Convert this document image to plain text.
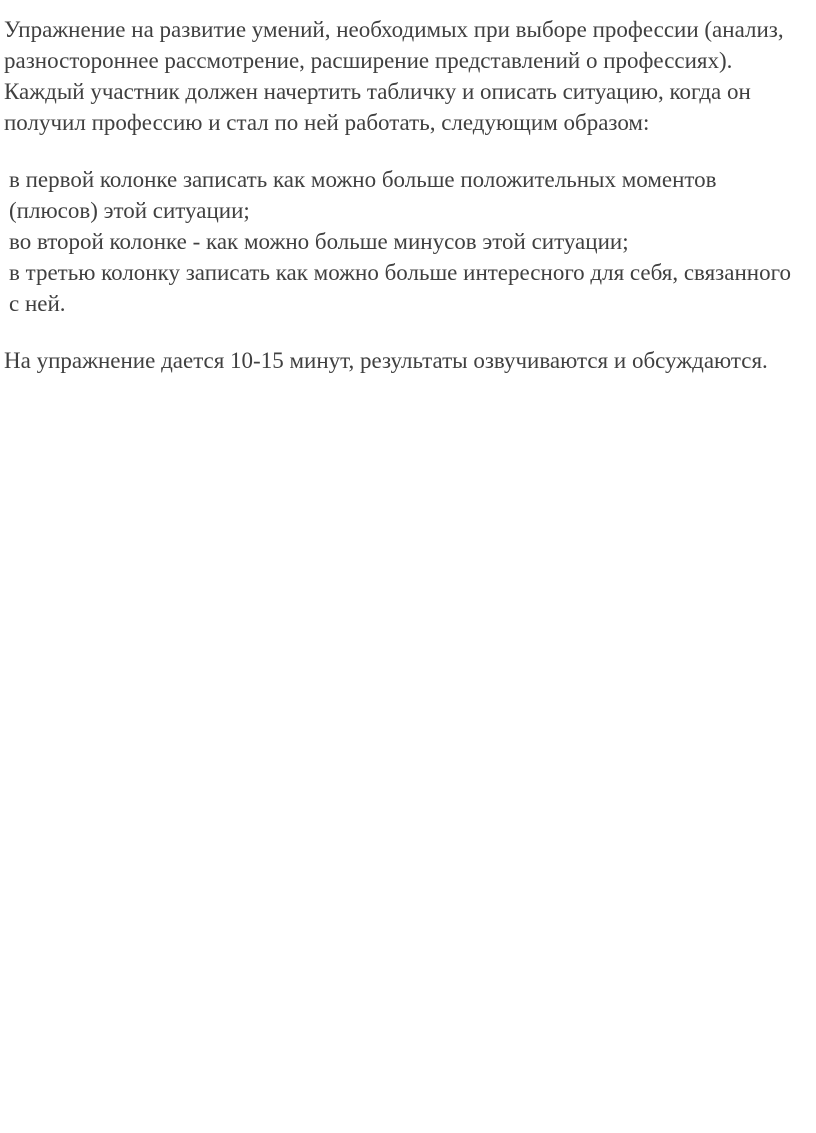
Упражнение на развитие умений, необходимых при выборе профессии (анализ, разностороннее рассмотрение, расширение представлений о профессиях). Каждый участник должен начертить табличку и описать ситуацию, когда он получил профессию и стал по ней работать, следующим образом:

в первой колонке записать как можно больше положительных моментов (плюсов) этой ситуации;
во второй колонке - как можно больше минусов этой ситуации;
в третью колонку записать как можно больше интересного для себя, связанного с ней.

На упражнение дается 10-15 минут, результаты озвучиваются и обсуждаются.
